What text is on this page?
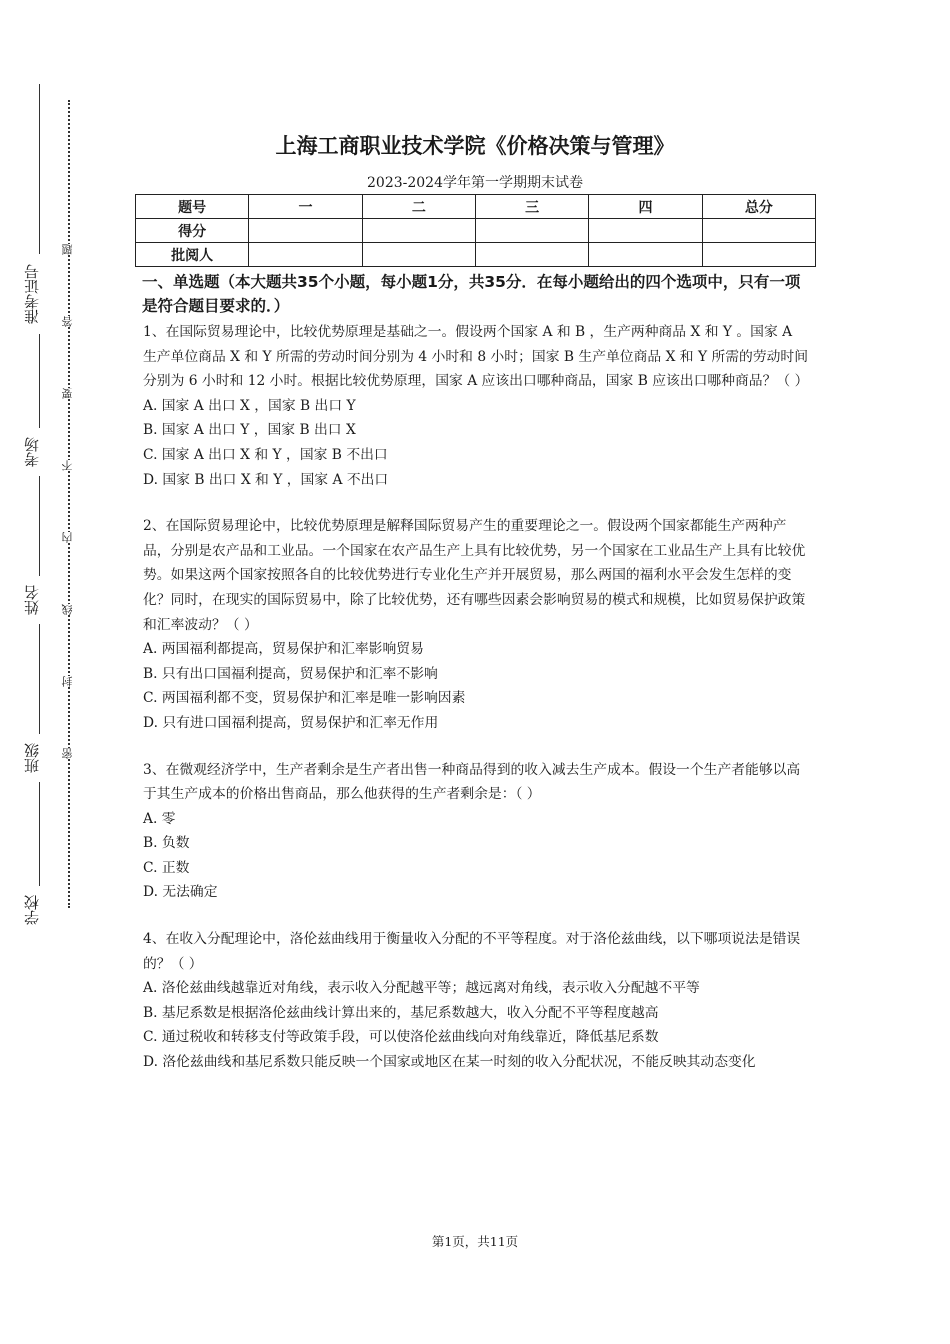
准考证号
考场
姓名
班级
学校
题
答
要
不
内
线
封
密
上海工商职业技术学院《价格决策与管理》
2023-2024学年第一学期期末试卷
题号	一	二	三	四	总分
得分					
批阅人					
一、单选题（本大题共35个小题，每小题1分，共35分．在每小题给出的四个选项中，只有一项是符合题目要求的．）
1、在国际贸易理论中，比较优势原理是基础之一。假设两个国家 A 和 B ，生产两种商品 X 和 Y 。国家 A 生产单位商品 X 和 Y 所需的劳动时间分别为 4 小时和 8 小时；国家 B 生产单位商品 X 和 Y 所需的劳动时间分别为 6 小时和 12 小时。根据比较优势原理，国家 A 应该出口哪种商品，国家 B 应该出口哪种商品？（ ）
A. 国家 A 出口 X ，国家 B 出口 Y
B. 国家 A 出口 Y ，国家 B 出口 X
C. 国家 A 出口 X 和 Y ，国家 B 不出口
D. 国家 B 出口 X 和 Y ，国家 A 不出口
2、在国际贸易理论中，比较优势原理是解释国际贸易产生的重要理论之一。假设两个国家都能生产两种产品，分别是农产品和工业品。一个国家在农产品生产上具有比较优势，另一个国家在工业品生产上具有比较优势。如果这两个国家按照各自的比较优势进行专业化生产并开展贸易，那么两国的福利水平会发生怎样的变化？同时，在现实的国际贸易中，除了比较优势，还有哪些因素会影响贸易的模式和规模，比如贸易保护政策和汇率波动？（ ）
A. 两国福利都提高，贸易保护和汇率影响贸易
B. 只有出口国福利提高，贸易保护和汇率不影响
C. 两国福利都不变，贸易保护和汇率是唯一影响因素
D. 只有进口国福利提高，贸易保护和汇率无作用
3、在微观经济学中，生产者剩余是生产者出售一种商品得到的收入减去生产成本。假设一个生产者能够以高于其生产成本的价格出售商品，那么他获得的生产者剩余是：（ ）
A. 零
B. 负数
C. 正数
D. 无法确定
4、在收入分配理论中，洛伦兹曲线用于衡量收入分配的不平等程度。对于洛伦兹曲线，以下哪项说法是错误的？（ ）
A. 洛伦兹曲线越靠近对角线，表示收入分配越平等；越远离对角线，表示收入分配越不平等
B. 基尼系数是根据洛伦兹曲线计算出来的，基尼系数越大，收入分配不平等程度越高
C. 通过税收和转移支付等政策手段，可以使洛伦兹曲线向对角线靠近，降低基尼系数
D. 洛伦兹曲线和基尼系数只能反映一个国家或地区在某一时刻的收入分配状况，不能反映其动态变化
第1页，共11页
